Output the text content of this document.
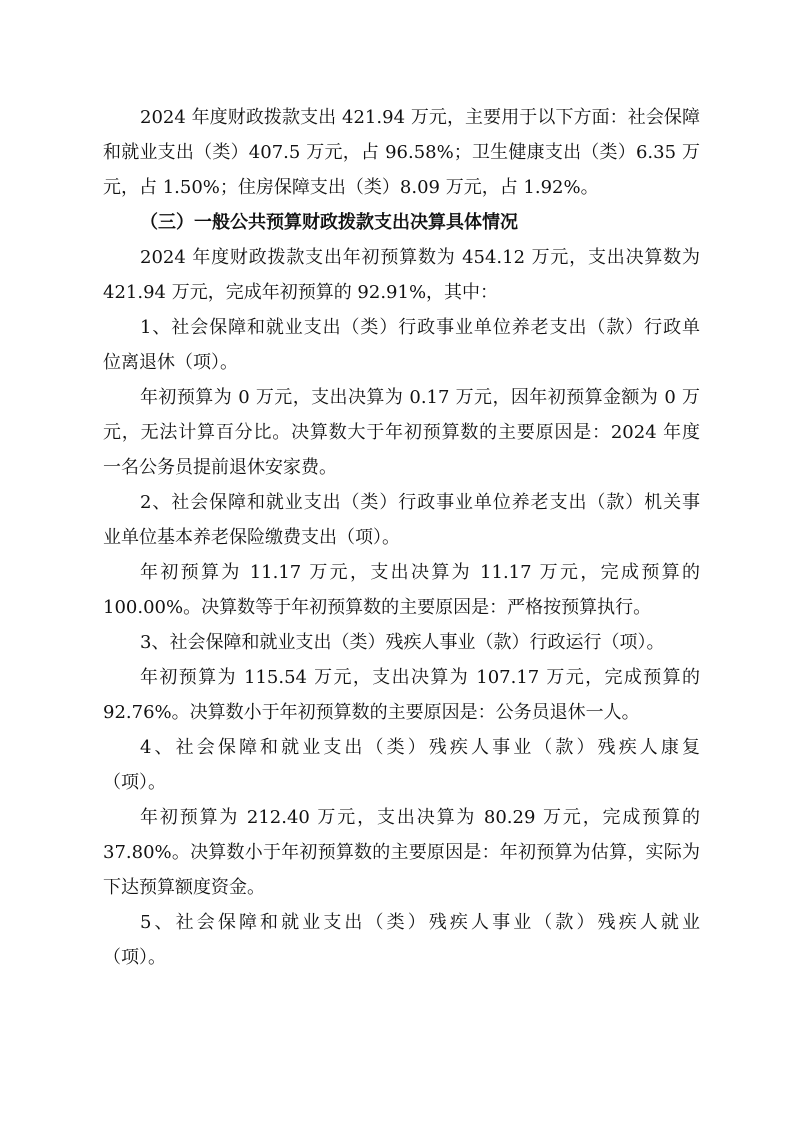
2024 年度财政拨款支出 421.94 万元，主要用于以下方面：社会保障
和就业支出（类）407.5 万元，占 96.58%；卫生健康支出（类）6.35 万
元，占 1.50%；住房保障支出（类）8.09 万元，占 1.92%。
（三）一般公共预算财政拨款支出决算具体情况
2024 年度财政拨款支出年初预算数为 454.12 万元，支出决算数为
421.94 万元，完成年初预算的 92.91%，其中：
1、社会保障和就业支出（类）行政事业单位养老支出（款）行政单
位离退休（项）。
年初预算为 0 万元，支出决算为 0.17 万元，因年初预算金额为 0 万
元，无法计算百分比。决算数大于年初预算数的主要原因是：2024 年度
一名公务员提前退休安家费。
2、社会保障和就业支出（类）行政事业单位养老支出（款）机关事
业单位基本养老保险缴费支出（项）。
年初预算为 11.17 万元，支出决算为 11.17 万元，完成预算的
100.00%。决算数等于年初预算数的主要原因是：严格按预算执行。
3、社会保障和就业支出（类）残疾人事业（款）行政运行（项）。
年初预算为 115.54 万元，支出决算为 107.17 万元，完成预算的
92.76%。决算数小于年初预算数的主要原因是：公务员退休一人。
4、社会保障和就业支出（类）残疾人事业（款）残疾人康复
（项）。
年初预算为 212.40 万元，支出决算为 80.29 万元，完成预算的
37.80%。决算数小于年初预算数的主要原因是：年初预算为估算，实际为
下达预算额度资金。
5、社会保障和就业支出（类）残疾人事业（款）残疾人就业
（项）。
